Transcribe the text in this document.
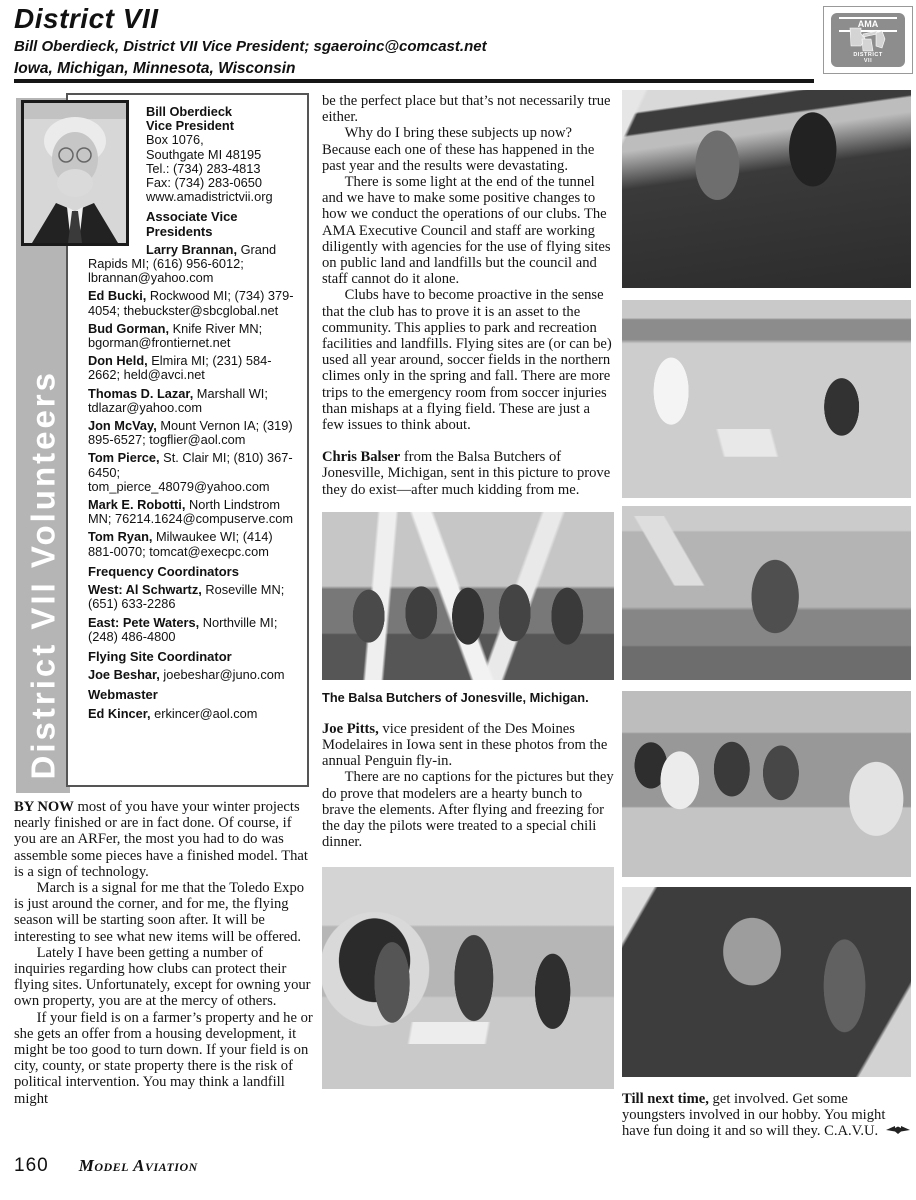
District VII
Bill Oberdieck, District VII Vice President; sgaeroinc@comcast.net
Iowa, Michigan, Minnesota, Wisconsin
AMA
DISTRICT
VII
District VII Volunteers
Bill Oberdieck
Vice President
Box 1076,
Southgate MI 48195
Tel.: (734) 283-4813
Fax: (734) 283-0650
www.amadistrictvii.org

Associate Vice Presidents

Larry Brannan, Grand Rapids MI; (616) 956-6012; lbrannan@yahoo.com

Ed Bucki, Rockwood MI; (734) 379-4054; thebuckster@sbcglobal.net

Bud Gorman, Knife River MN; bgorman@frontiernet.net

Don Held, Elmira MI; (231) 584-2662; held@avci.net

Thomas D. Lazar, Marshall WI; tdlazar@yahoo.com

Jon McVay, Mount Vernon IA; (319) 895-6527; togflier@aol.com

Tom Pierce, St. Clair MI; (810) 367-6450; tom_pierce_48079@yahoo.com

Mark E. Robotti, North Lindstrom MN; 76214.1624@compuserve.com

Tom Ryan, Milwaukee WI; (414) 881-0070; tomcat@execpc.com

Frequency Coordinators

West: Al Schwartz, Roseville MN; (651) 633-2286

East: Pete Waters, Northville MI; (248) 486-4800

Flying Site Coordinator

Joe Beshar, joebeshar@juno.com

Webmaster

Ed Kincer, erkincer@aol.com

BY NOW most of you have your winter projects nearly finished or are in fact done. Of course, if you are an ARFer, the most you had to do was assemble some pieces have a finished model. That is a sign of technology.

March is a signal for me that the Toledo Expo is just around the corner, and for me, the flying season will be starting soon after. It will be interesting to see what new items will be offered.

Lately I have been getting a number of inquiries regarding how clubs can protect their flying sites. Unfortunately, except for owning your own property, you are at the mercy of others.

If your field is on a farmer’s property and he or she gets an offer from a housing development, it might be too good to turn down. If your field is on city, county, or state property there is the risk of political intervention. You may think a landfill might

be the perfect place but that’s not necessarily true either.

Why do I bring these subjects up now? Because each one of these has happened in the past year and the results were devastating.

There is some light at the end of the tunnel and we have to make some positive changes to how we conduct the operations of our clubs. The AMA Executive Council and staff are working diligently with agencies for the use of flying sites on public land and landfills but the council and staff cannot do it alone.

Clubs have to become proactive in the sense that the club has to prove it is an asset to the community. This applies to park and recreation facilities and landfills. Flying sites are (or can be) used all year around, soccer fields in the northern climes only in the spring and fall. There are more trips to the emergency room from soccer injuries than mishaps at a flying field. These are just a few issues to think about.

Chris Balser from the Balsa Butchers of Jonesville, Michigan, sent in this picture to prove they do exist—after much kidding from me.

The Balsa Butchers of Jonesville, Michigan.

Joe Pitts, vice president of the Des Moines Modelaires in Iowa sent in these photos from the annual Penguin fly-in.

There are no captions for the pictures but they do prove that modelers are a hearty bunch to brave the elements. After flying and freezing for the day the pilots were treated to a special chili dinner.

Till next time, get involved. Get some youngsters involved in our hobby. You might have fun doing it and so will they. C.A.V.U.

160 Model Aviation
